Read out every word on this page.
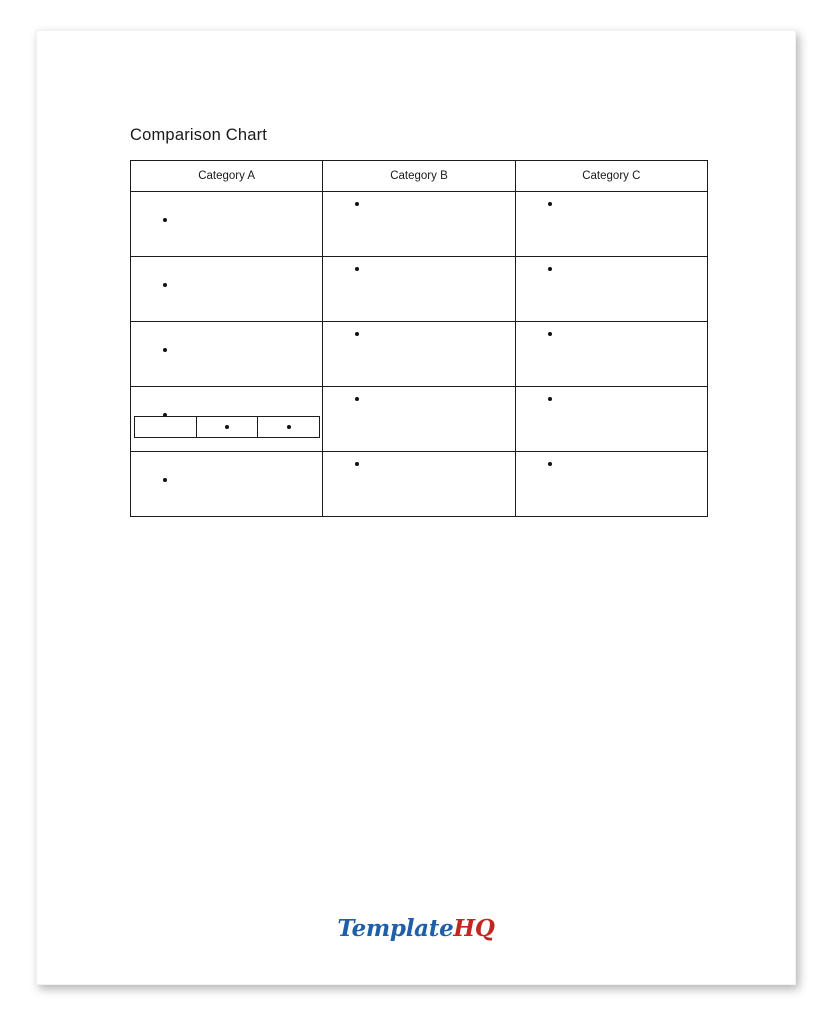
Comparison Chart
Category A	Category B	Category C

TemplateHQ
